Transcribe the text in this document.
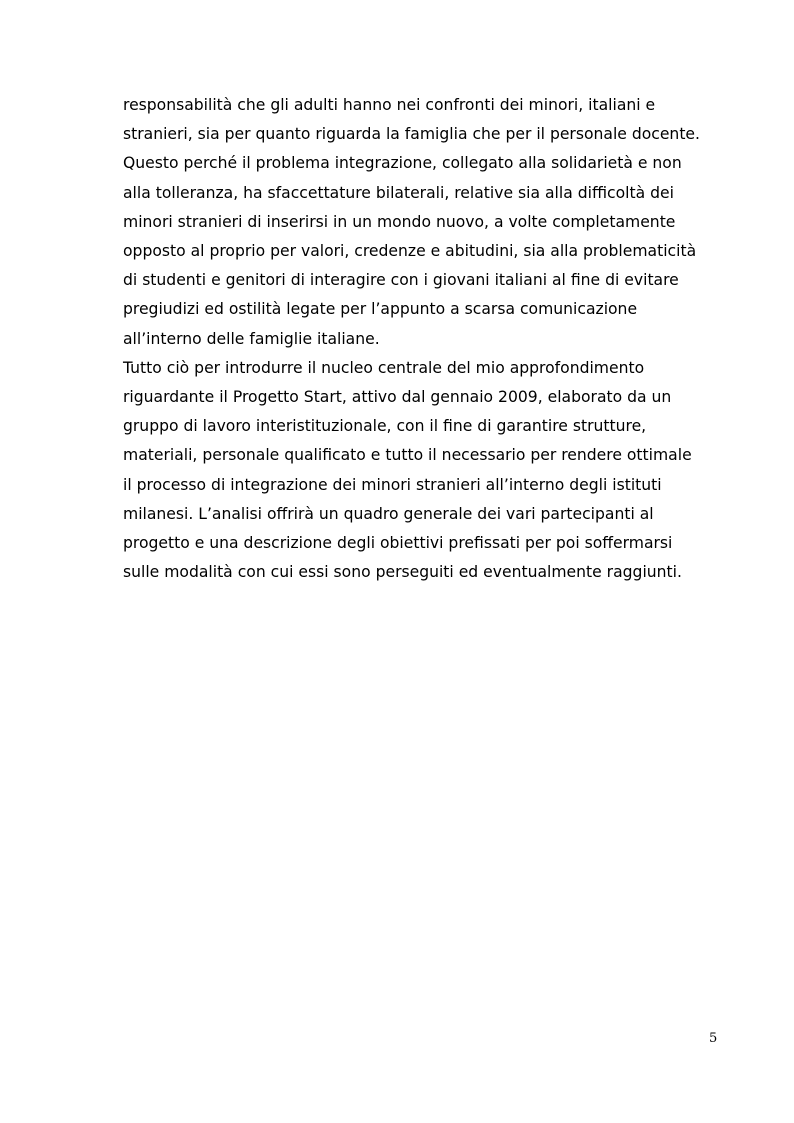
responsabilità che gli adulti hanno nei confronti dei minori, italiani e
stranieri, sia per quanto riguarda la famiglia che per il personale docente.
Questo perché il problema integrazione, collegato alla solidarietà e non
alla tolleranza, ha sfaccettature bilaterali, relative sia alla difficoltà dei
minori stranieri di inserirsi in un mondo nuovo, a volte completamente
opposto al proprio per valori, credenze e abitudini, sia alla problematicità
di studenti e genitori di interagire con i giovani italiani al fine di evitare
pregiudizi ed ostilità legate per l’appunto a scarsa comunicazione
all’interno delle famiglie italiane.
Tutto ciò per introdurre il nucleo centrale del mio approfondimento
riguardante il Progetto Start, attivo dal gennaio 2009, elaborato da un
gruppo di lavoro interistituzionale, con il fine di garantire strutture,
materiali, personale qualificato e tutto il necessario per rendere ottimale
il processo di integrazione dei minori stranieri all’interno degli istituti
milanesi. L’analisi offrirà un quadro generale dei vari partecipanti al
progetto e una descrizione degli obiettivi prefissati per poi soffermarsi
sulle modalità con cui essi sono perseguiti ed eventualmente raggiunti.
5
